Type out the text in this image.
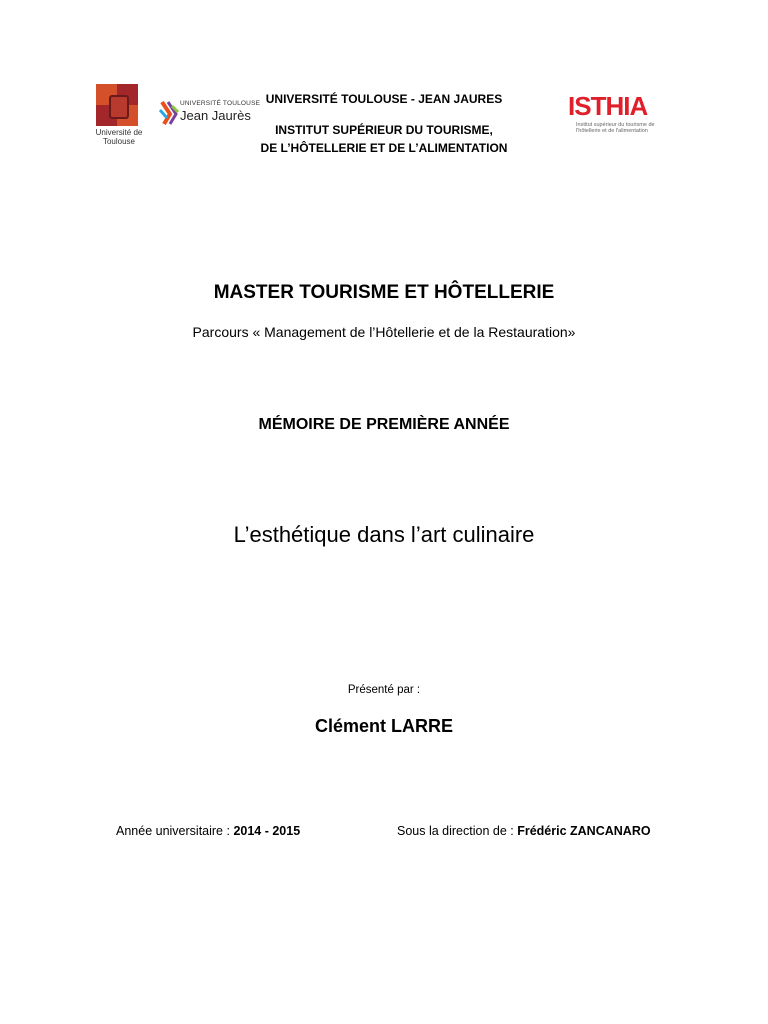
Université de Toulouse
UNIVERSITÉ TOULOUSE
Jean Jaurès	ISTHIA
Institut supérieur du tourisme de l'hôtellerie et de l'alimentation
UNIVERSITÉ TOULOUSE - JEAN JAURES
INSTITUT SUPÉRIEUR DU TOURISME,
DE L’HÔTELLERIE ET DE L’ALIMENTATION
MASTER TOURISME ET HÔTELLERIE
Parcours « Management de l’Hôtellerie et de la Restauration»
MÉMOIRE DE PREMIÈRE ANNÉE
L’esthétique dans l’art culinaire
Présenté par :
Clément LARRE
Année universitaire : 2014 - 2015	Sous la direction de : Frédéric ZANCANARO
